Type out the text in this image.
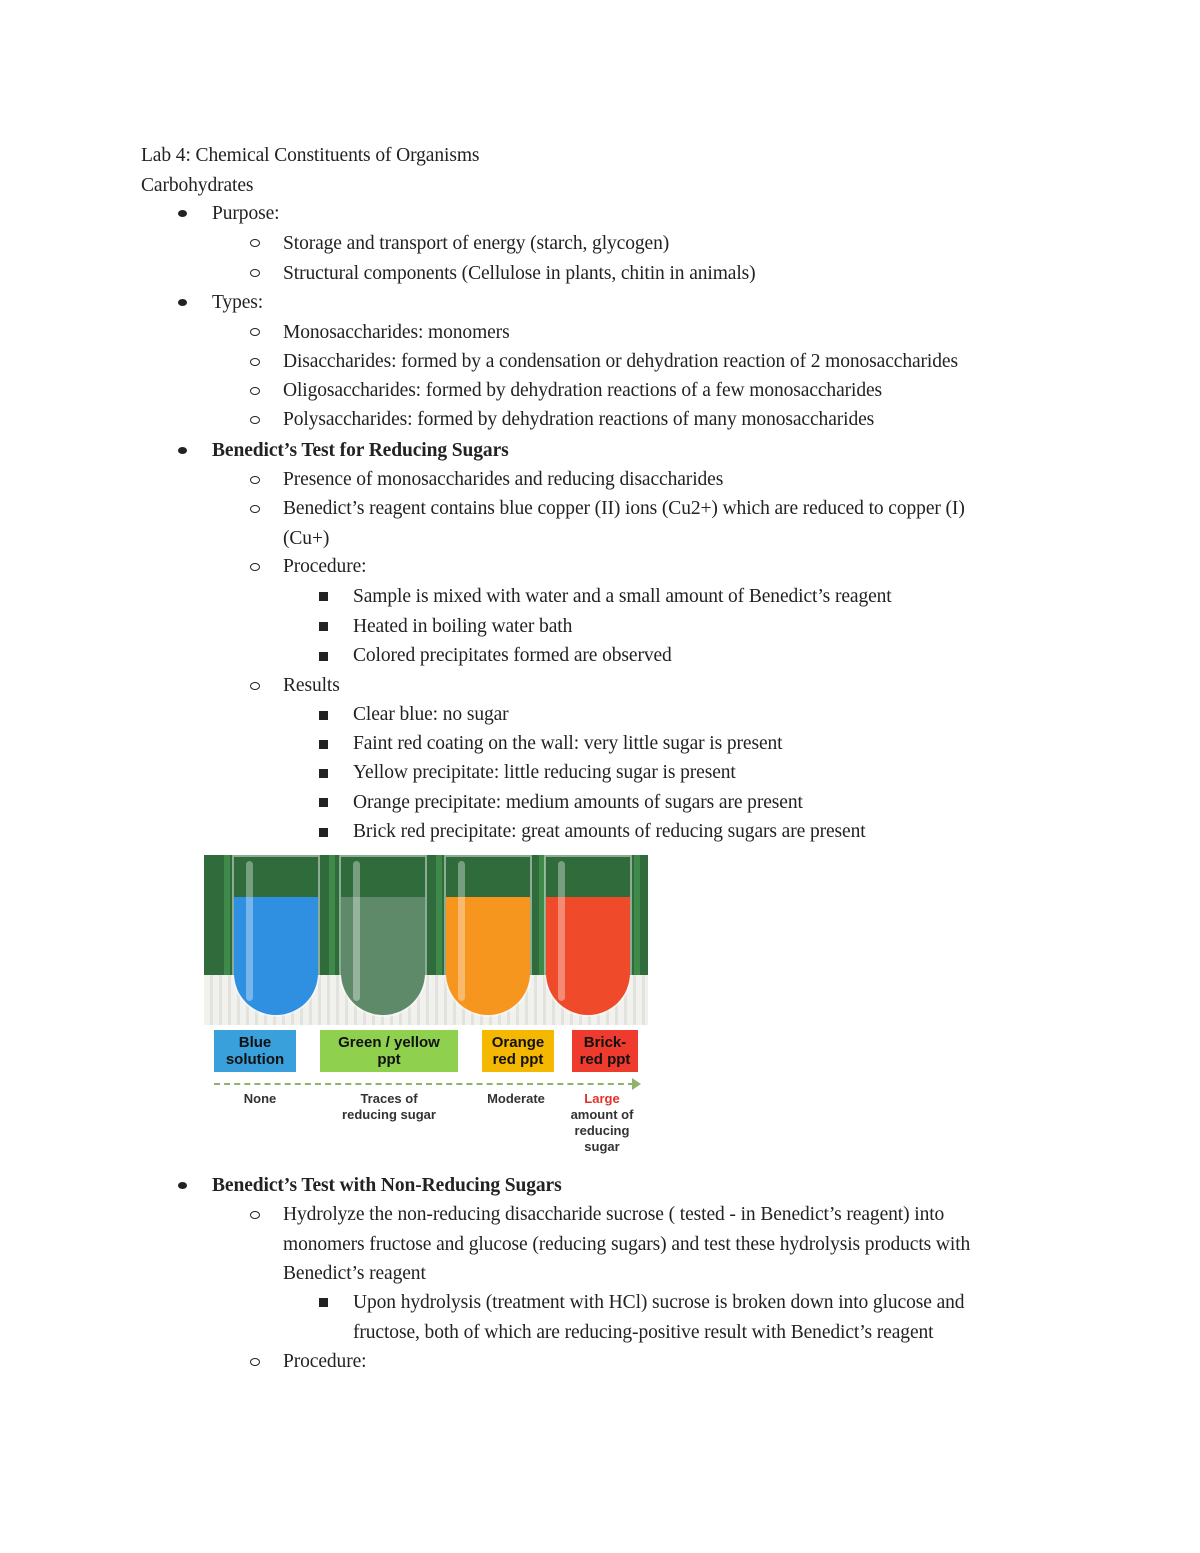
Lab 4: Chemical Constituents of Organisms
Carbohydrates
Purpose:
Storage and transport of energy (starch, glycogen)
Structural components (Cellulose in plants, chitin in animals)
Types:
Monosaccharides: monomers
Disaccharides: formed by a condensation or dehydration reaction of 2 monosaccharides
Oligosaccharides: formed by dehydration reactions of a few monosaccharides
Polysaccharides: formed by dehydration reactions of many monosaccharides
Benedict’s Test for Reducing Sugars
Presence of monosaccharides and reducing disaccharides
Benedict’s reagent contains blue copper (II) ions (Cu2+) which are reduced to copper (I)
(Cu+)
Procedure:
Sample is mixed with water and a small amount of Benedict’s reagent
Heated in boiling water bath
Colored precipitates formed are observed
Results
Clear blue: no sugar
Faint red coating on the wall: very little sugar is present
Yellow precipitate: little reducing sugar is present
Orange precipitate: medium amounts of sugars are present
Brick red precipitate: great amounts of reducing sugars are present
Blue
solution
Green / yellow
ppt
Orange
red ppt
Brick-
red ppt
None	Traces of
reducing sugar
Moderate	Large
amount of
reducing
sugar
Benedict’s Test with Non-Reducing Sugars
Hydrolyze the non-reducing disaccharide sucrose ( tested - in Benedict’s reagent) into
monomers fructose and glucose (reducing sugars) and test these hydrolysis products with
Benedict’s reagent
Upon hydrolysis (treatment with HCl) sucrose is broken down into glucose and
fructose, both of which are reducing-positive result with Benedict’s reagent
Procedure:
